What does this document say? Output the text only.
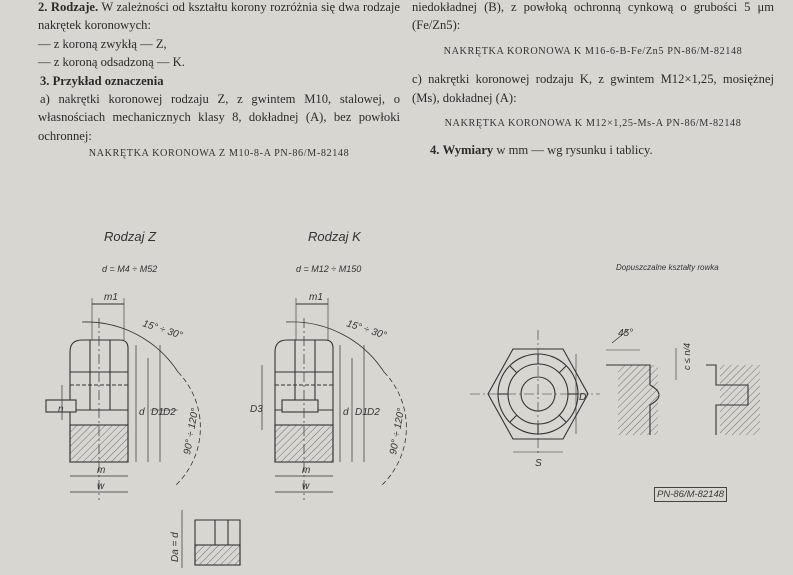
2. Rodzaje. W zależności od kształtu korony rozróżnia się dwa rodzaje nakrętek koronowych:

— z koroną zwykłą — Z,

— z koroną odsadzoną — K.

3. Przykład oznaczenia

a) nakrętki koronowej rodzaju Z, z gwintem M10, stalowej, o własnościach mechanicznych klasy 8, dokładnej (A), bez powłoki ochronnej:

NAKRĘTKA KORONOWA Z M10-8-A PN-86/M-82148

niedokładnej (B), z powłoką ochronną cynkową o grubości 5 μm (Fe/Zn5):

NAKRĘTKA KORONOWA K M16-6-B-Fe/Zn5 PN-86/M-82148

c) nakrętki koronowej rodzaju K, z gwintem M12×1,25, mosiężnej (Ms), dokładnej (A):

NAKRĘTKA KORONOWA K M12×1,25-Ms-A PN-86/M-82148

4. Wymiary w mm — wg rysunku i tablicy.

Rodzaj Z
d = M4 ÷ M52
Rodzaj K
d = M12 ÷ M150	Dopuszczalne kształty rowka
m1
15° ÷ 30°
90° ÷ 120°
m
w
n	d D1 D2
Da = d
m1
15° ÷ 30°
90° ÷ 120°
m
w
D3	d D1 D2
D
S
45°
c ≤ n/4
PN-86/M-82148
